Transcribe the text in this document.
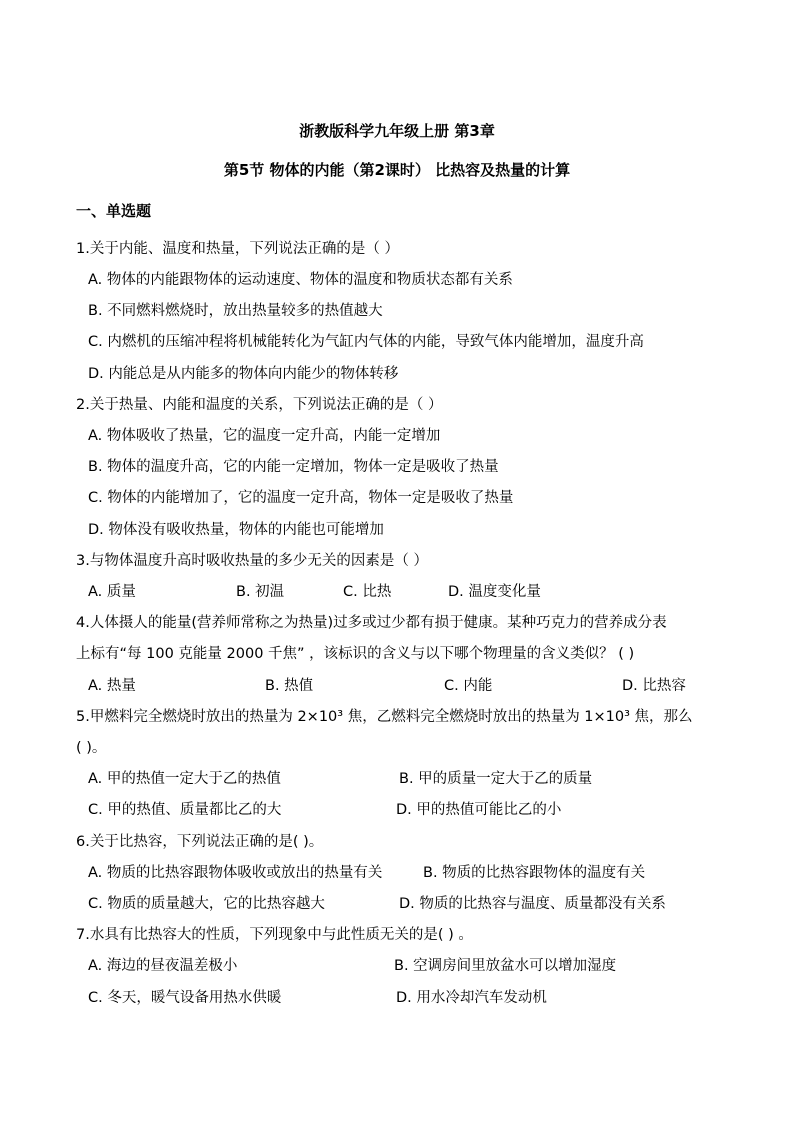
浙教版科学九年级上册 第3章
第5节 物体的内能（第2课时） 比热容及热量的计算
一、单选题
1.关于内能、温度和热量，下列说法正确的是（ ）
A. 物体的内能跟物体的运动速度、物体的温度和物质状态都有关系
B. 不同燃料燃烧时，放出热量较多的热值越大
C. 内燃机的压缩冲程将机械能转化为气缸内气体的内能，导致气体内能增加，温度升高
D. 内能总是从内能多的物体向内能少的物体转移
2.关于热量、内能和温度的关系，下列说法正确的是（ ）
A. 物体吸收了热量，它的温度一定升高，内能一定增加
B. 物体的温度升高，它的内能一定增加，物体一定是吸收了热量
C. 物体的内能增加了，它的温度一定升高，物体一定是吸收了热量
D. 物体没有吸收热量，物体的内能也可能增加
3.与物体温度升高时吸收热量的多少无关的因素是（ ）
A. 质量	B. 初温	C. 比热	D. 温度变化量
4.人体摄人的能量(营养师常称之为热量)过多或过少都有损于健康。某种巧克力的营养成分表
上标有“每 100 克能量 2000 千焦” ，该标识的含义与以下哪个物理量的含义类似？ ( )
A. 热量	B. 热值	C. 内能	D. 比热容
5.甲燃料完全燃烧时放出的热量为 2×10³ 焦，乙燃料完全燃烧时放出的热量为 1×10³ 焦，那么
( )。
A. 甲的热值一定大于乙的热值	B. 甲的质量一定大于乙的质量
C. 甲的热值、质量都比乙的大	D. 甲的热值可能比乙的小
6.关于比热容，下列说法正确的是( )。
A. 物质的比热容跟物体吸收或放出的热量有关	B. 物质的比热容跟物体的温度有关
C. 物质的质量越大，它的比热容越大	D. 物质的比热容与温度、质量都没有关系
7.水具有比热容大的性质，下列现象中与此性质无关的是( ) 。
A. 海边的昼夜温差极小	B. 空调房间里放盆水可以增加湿度
C. 冬天，暖气设备用热水供暖	D. 用水冷却汽车发动机
